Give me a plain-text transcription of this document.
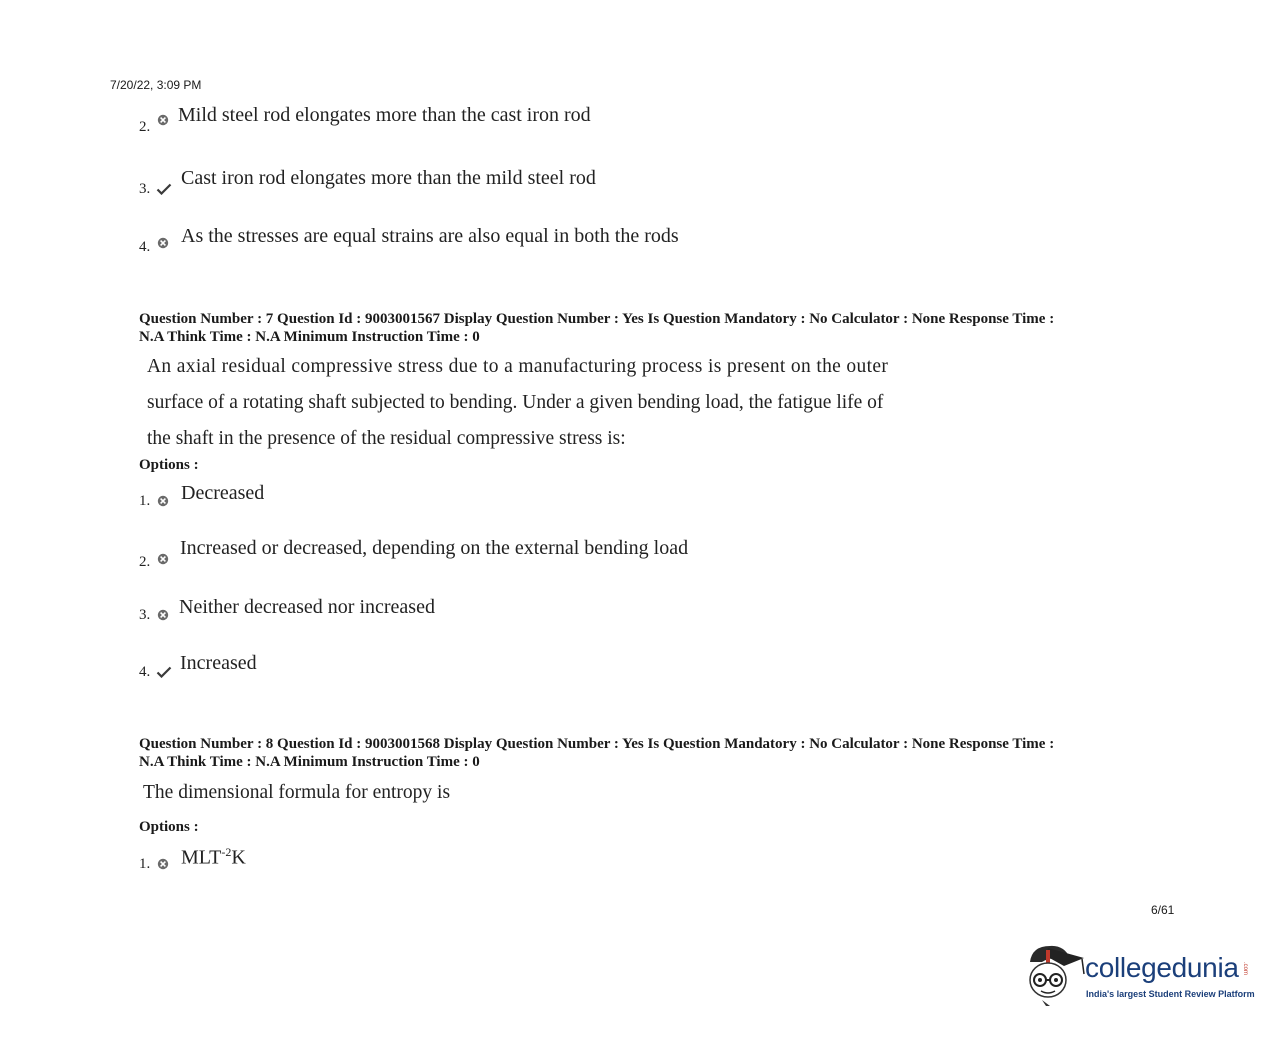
7/20/22, 3:09 PM
2.
Mild steel rod elongates more than the cast iron rod
3.	Cast iron rod elongates more than the mild steel rod
4.	As the stresses are equal strains are also equal in both the rods
Question Number : 7 Question Id : 9003001567 Display Question Number : Yes Is Question Mandatory : No Calculator : None Response Time :
N.A Think Time : N.A Minimum Instruction Time : 0
An axial residual compressive stress due to a manufacturing process is present on the outer
surface of a rotating shaft subjected to bending. Under a given bending load, the fatigue life of
the shaft in the presence of the residual compressive stress is:
Options :
1.	Decreased
2.
Increased or decreased, depending on the external bending load
3.	Neither decreased nor increased
4.	Increased
Question Number : 8 Question Id : 9003001568 Display Question Number : Yes Is Question Mandatory : No Calculator : None Response Time :
N.A Think Time : N.A Minimum Instruction Time : 0
The dimensional formula for entropy is
Options :
1.	$MLT^{-2}K$
6/61
collegedunia .com
India's largest Student Review Platform
